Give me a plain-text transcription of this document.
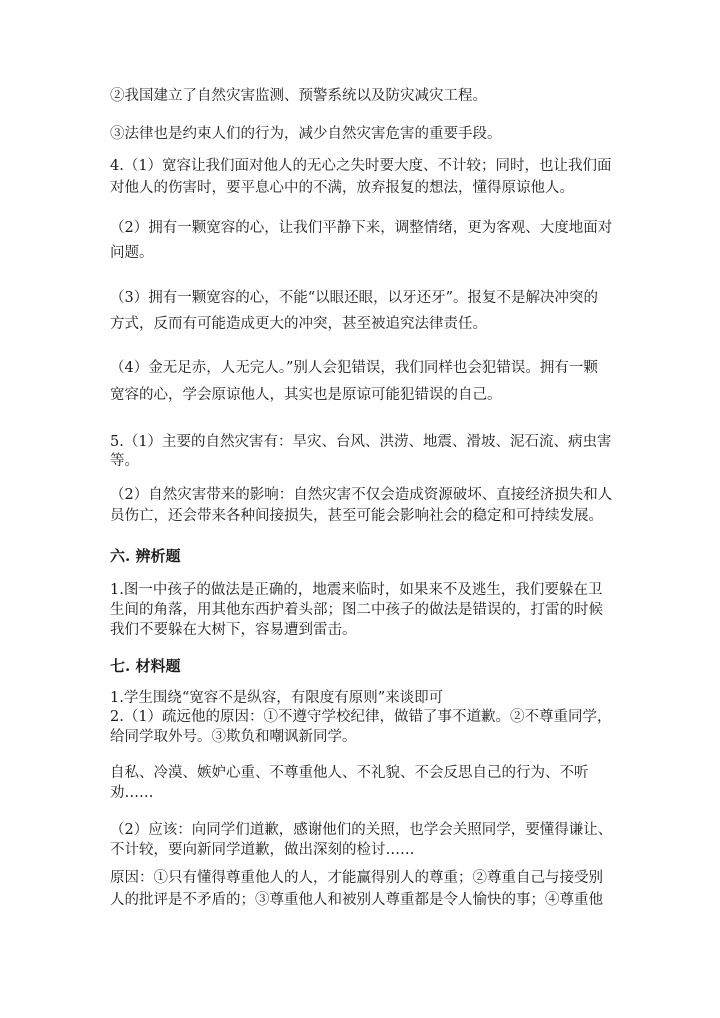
②我国建立了自然灾害监测、预警系统以及防灾减灾工程。
③法律也是约束人们的行为，减少自然灾害危害的重要手段。
4.（1）宽容让我们面对他人的无心之失时要大度、不计较；同时，也让我们面
对他人的伤害时，要平息心中的不满，放弃报复的想法，懂得原谅他人。
（2）拥有一颗宽容的心，让我们平静下来，调整情绪，更为客观、大度地面对
问题。
（3）拥有一颗宽容的心，不能“以眼还眼，以牙还牙”。报复不是解决冲突的
方式，反而有可能造成更大的冲突，甚至被追究法律责任。
（4）金无足赤，人无完人。”别人会犯错误，我们同样也会犯错误。拥有一颗
宽容的心，学会原谅他人，其实也是原谅可能犯错误的自己。
5.（1）主要的自然灾害有：旱灾、台风、洪涝、地震、滑坡、泥石流、病虫害
等。
（2）自然灾害带来的影响：自然灾害不仅会造成资源破坏、直接经济损失和人
员伤亡，还会带来各种间接损失，甚至可能会影响社会的稳定和可持续发展。
六. 辨析题
1.图一中孩子的做法是正确的，地震来临时，如果来不及逃生，我们要躲在卫
生间的角落，用其他东西护着头部；图二中孩子的做法是错误的，打雷的时候
我们不要躲在大树下，容易遭到雷击。
七. 材料题
1.学生围绕“宽容不是纵容，有限度有原则”来谈即可
2.（1）疏远他的原因：①不遵守学校纪律，做错了事不道歉。②不尊重同学，
给同学取外号。③欺负和嘲讽新同学。
自私、冷漠、嫉妒心重、不尊重他人、不礼貌、不会反思自己的行为、不听
劝……
（2）应该：向同学们道歉，感谢他们的关照，也学会关照同学，要懂得谦让、
不计较，要向新同学道歉，做出深刻的检讨……
原因：①只有懂得尊重他人的人，才能赢得别人的尊重；②尊重自己与接受别
人的批评是不矛盾的；③尊重他人和被别人尊重都是令人愉快的事；④尊重他
